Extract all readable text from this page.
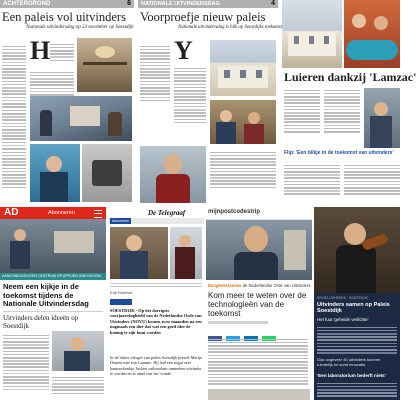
ACHTERGROND	6
Een paleis vol uitvinders
Nationale uitvindersdag op 23 november op Soestdijk
H
NATIONALE UITVINDERSDAG	4
Voorproefje nieuw paleis
Nationale uitvindersdag is blik op Soestdijks toekomst
Y
Luieren dankzij 'Lamzac'
Flip: 'Een blikje in de toekomst van uitvinders'
AD	Abonneren
AANKONDIGEN EEN CENTRUM OP APPLIED INNOVATION
Neem een kijkje in de toekomst tijdens de Nationale Uitvindersdag
Uitvinders delen ideeën op Soestdijk
De Telegraaf
Abonneren
Erik Ruimvel
SOESTDIJK - Op het dorrigste voorjaarsdagbeeld van de Nederlandse Orde van Uitvinders (NOVU) komen twee maanden na een nogmaals een dier dat wat een goed idee de koning te rijk kunt worden
In de linker vleugel van paleis Soestdijk presidi Marije Domen niet zijn Lamzac. Hij had een nogal zeer kantoorbankje, luchtet ruilstoelum onmerken uitvinder te worden en ai ahad vast het 'vonde'.
mijnpostcodestrip
Bangkokstamme de Nederlandse Orde van Uitvinders
Kom meer te weten over de technologieën van de toekomst

MOGELIJKHEDEN · SOESTDIJK
Uitvinders samen op Paleis Soestdijk
Het fuut 'geheide verlichte'
Ook ongeveer 40 uitvinders kunnen ruimtelijk en komt innovatie.
'Een laboratorium bederft niets'
